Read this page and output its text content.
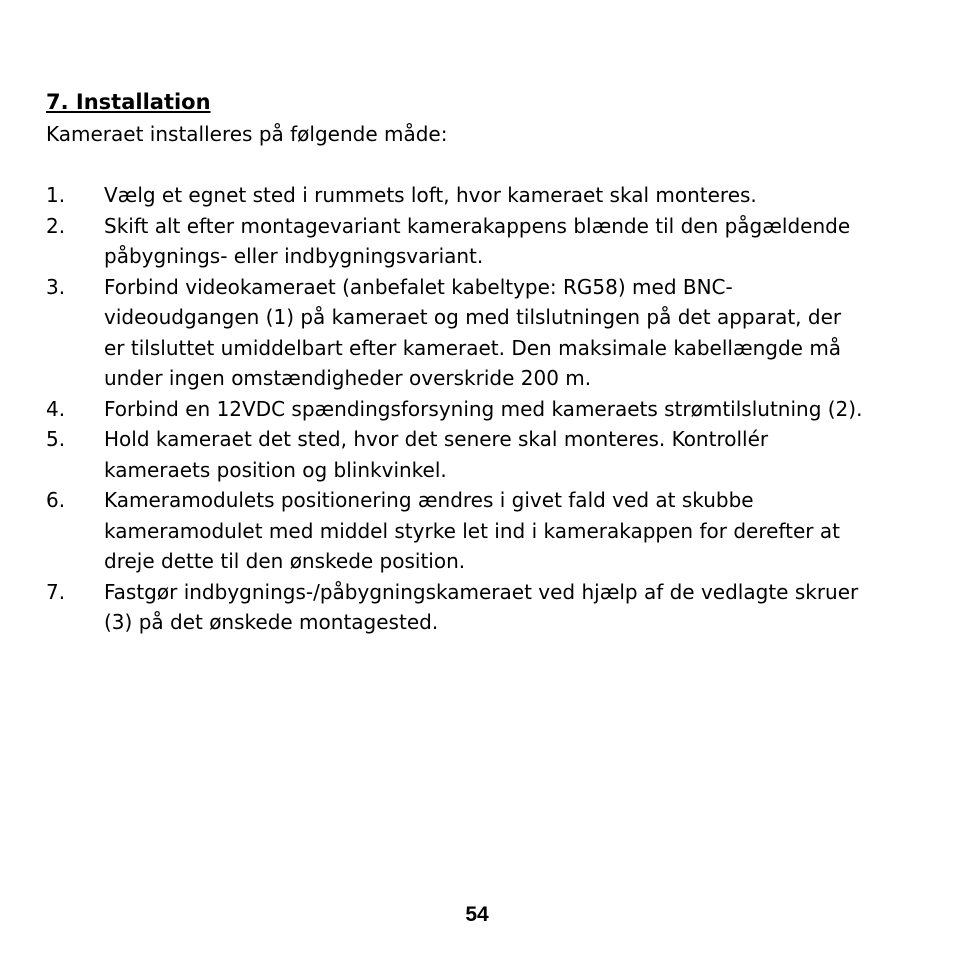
7. Installation
Kameraet installeres på følgende måde:
1.	Vælg et egnet sted i rummets loft, hvor kameraet skal monteres.
2.	Skift alt efter montagevariant kamerakappens blænde til den pågældende
påbygnings- eller indbygningsvariant.
3.	Forbind videokameraet (anbefalet kabeltype: RG58) med BNC-
videoudgangen (1) på kameraet og med tilslutningen på det apparat, der
er tilsluttet umiddelbart efter kameraet. Den maksimale kabellængde må
under ingen omstændigheder overskride 200 m.
4.	Forbind en 12VDC spændingsforsyning med kameraets strømtilslutning (2).
5.	Hold kameraet det sted, hvor det senere skal monteres. Kontrollér
kameraets position og blinkvinkel.
6.	Kameramodulets positionering ændres i givet fald ved at skubbe
kameramodulet med middel styrke let ind i kamerakappen for derefter at
dreje dette til den ønskede position.
7.	Fastgør indbygnings-/påbygningskameraet ved hjælp af de vedlagte skruer
(3) på det ønskede montagested.
54
